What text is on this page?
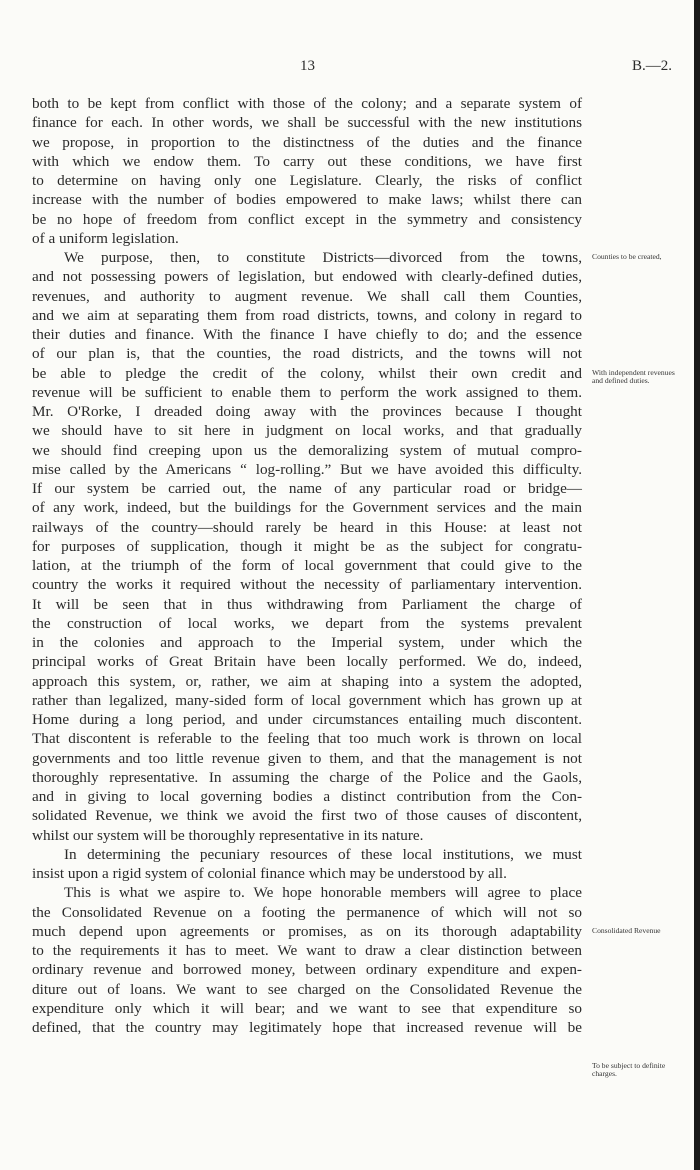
13	B.—2.
both to be kept from conflict with those of the colony; and a separate system of
finance for each. In other words, we shall be successful with the new institutions
we propose, in proportion to the distinctness of the duties and the finance
with which we endow them. To carry out these conditions, we have first
to determine on having only one Legislature. Clearly, the risks of conflict
increase with the number of bodies empowered to make laws; whilst there can
be no hope of freedom from conflict except in the symmetry and consistency
of a uniform legislation.
We purpose, then, to constitute Districts—divorced from the towns,
and not possessing powers of legislation, but endowed with clearly-defined duties,
revenues, and authority to augment revenue. We shall call them Counties,
and we aim at separating them from road districts, towns, and colony in regard to
their duties and finance. With the finance I have chiefly to do; and the essence
of our plan is, that the counties, the road districts, and the towns will not
be able to pledge the credit of the colony, whilst their own credit and
revenue will be sufficient to enable them to perform the work assigned to them.
Mr. O'Rorke, I dreaded doing away with the provinces because I thought
we should have to sit here in judgment on local works, and that gradually
we should find creeping upon us the demoralizing system of mutual compro-
mise called by the Americans “ log-rolling.” But we have avoided this difficulty.
If our system be carried out, the name of any particular road or bridge—
of any work, indeed, but the buildings for the Government services and the main
railways of the country—should rarely be heard in this House: at least not
for purposes of supplication, though it might be as the subject for congratu-
lation, at the triumph of the form of local government that could give to the
country the works it required without the necessity of parliamentary intervention.
It will be seen that in thus withdrawing from Parliament the charge of
the construction of local works, we depart from the systems prevalent
in the colonies and approach to the Imperial system, under which the
principal works of Great Britain have been locally performed. We do, indeed,
approach this system, or, rather, we aim at shaping into a system the adopted,
rather than legalized, many-sided form of local government which has grown up at
Home during a long period, and under circumstances entailing much discontent.
That discontent is referable to the feeling that too much work is thrown on local
governments and too little revenue given to them, and that the management is not
thoroughly representative. In assuming the charge of the Police and the Gaols,
and in giving to local governing bodies a distinct contribution from the Con-
solidated Revenue, we think we avoid the first two of those causes of discontent,
whilst our system will be thoroughly representative in its nature.
In determining the pecuniary resources of these local institutions, we must
insist upon a rigid system of colonial finance which may be understood by all.
This is what we aspire to. We hope honorable members will agree to place
the Consolidated Revenue on a footing the permanence of which will not so
much depend upon agreements or promises, as on its thorough adaptability
to the requirements it has to meet. We want to draw a clear distinction between
ordinary revenue and borrowed money, between ordinary expenditure and expen-
diture out of loans. We want to see charged on the Consolidated Revenue the
expenditure only which it will bear; and we want to see that expenditure so
defined, that the country may legitimately hope that increased revenue will be
Counties to be created,
With independent revenues and defined duties.
Consolidated Revenue
To be subject to definite charges.
